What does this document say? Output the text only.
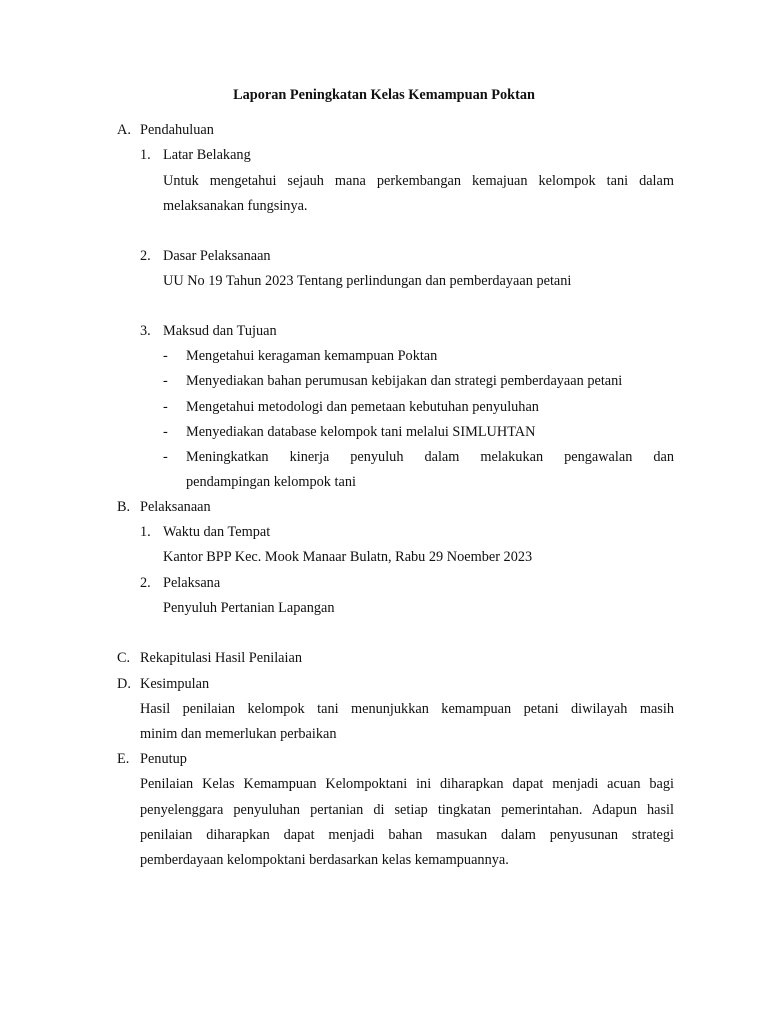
Laporan Peningkatan Kelas Kemampuan Poktan
A. Pendahuluan
1. Latar Belakang
Untuk mengetahui sejauh mana perkembangan kemajuan kelompok tani dalam
melaksanakan fungsinya.
2. Dasar Pelaksanaan
UU No 19 Tahun 2023 Tentang perlindungan dan pemberdayaan petani
3. Maksud dan Tujuan
- Mengetahui keragaman kemampuan Poktan
- Menyediakan bahan perumusan kebijakan dan strategi pemberdayaan petani
- Mengetahui metodologi dan pemetaan kebutuhan penyuluhan
- Menyediakan database kelompok tani melalui SIMLUHTAN
- Meningkatkan kinerja penyuluh dalam melakukan pengawalan dan
pendampingan kelompok tani
B. Pelaksanaan
1. Waktu dan Tempat
Kantor BPP Kec. Mook Manaar Bulatn, Rabu 29 Noember 2023
2. Pelaksana
Penyuluh Pertanian Lapangan
C. Rekapitulasi Hasil Penilaian
D. Kesimpulan
Hasil penilaian kelompok tani menunjukkan kemampuan petani diwilayah masih
minim dan memerlukan perbaikan
E. Penutup
Penilaian Kelas Kemampuan Kelompoktani ini diharapkan dapat menjadi acuan bagi
penyelenggara penyuluhan pertanian di setiap tingkatan pemerintahan. Adapun hasil
penilaian diharapkan dapat menjadi bahan masukan dalam penyusunan strategi
pemberdayaan kelompoktani berdasarkan kelas kemampuannya.
